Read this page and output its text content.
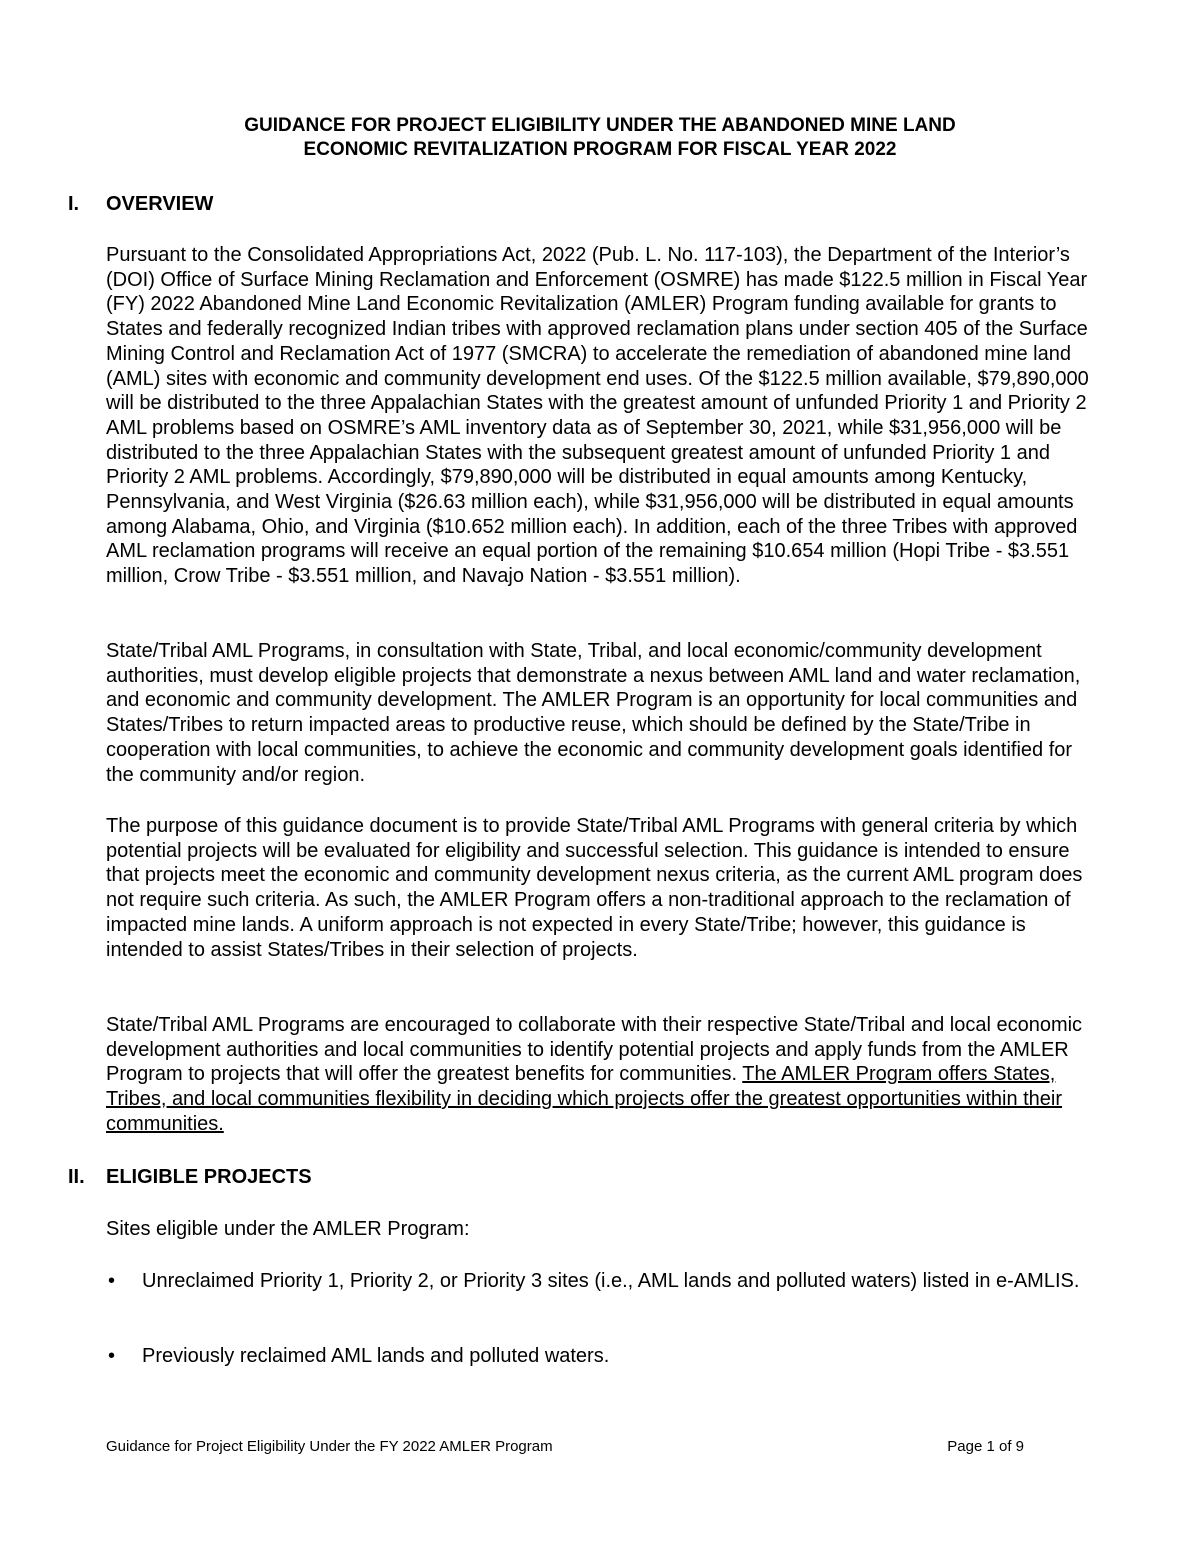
GUIDANCE FOR PROJECT ELIGIBILITY UNDER THE ABANDONED MINE LAND
ECONOMIC REVITALIZATION PROGRAM FOR FISCAL YEAR 2022
I. OVERVIEW

Pursuant to the Consolidated Appropriations Act, 2022 (Pub. L. No. 117-103), the Department of the Interior’s (DOI) Office of Surface Mining Reclamation and Enforcement (OSMRE) has made $122.5 million in Fiscal Year (FY) 2022 Abandoned Mine Land Economic Revitalization (AMLER) Program funding available for grants to States and federally recognized Indian tribes with approved reclamation plans under section 405 of the Surface Mining Control and Reclamation Act of 1977 (SMCRA) to accelerate the remediation of abandoned mine land (AML) sites with economic and community development end uses. Of the $122.5 million available, $79,890,000 will be distributed to the three Appalachian States with the greatest amount of unfunded Priority 1 and Priority 2 AML problems based on OSMRE’s AML inventory data as of September 30, 2021, while $31,956,000 will be distributed to the three Appalachian States with the subsequent greatest amount of unfunded Priority 1 and Priority 2 AML problems. Accordingly, $79,890,000 will be distributed in equal amounts among Kentucky, Pennsylvania, and West Virginia ($26.63 million each), while $31,956,000 will be distributed in equal amounts among Alabama, Ohio, and Virginia ($10.652 million each). In addition, each of the three Tribes with approved AML reclamation programs will receive an equal portion of the remaining $10.654 million (Hopi Tribe - $3.551 million, Crow Tribe - $3.551 million, and Navajo Nation - $3.551 million).

State/Tribal AML Programs, in consultation with State, Tribal, and local economic/community development authorities, must develop eligible projects that demonstrate a nexus between AML land and water reclamation, and economic and community development. The AMLER Program is an opportunity for local communities and States/Tribes to return impacted areas to productive reuse, which should be defined by the State/Tribe in cooperation with local communities, to achieve the economic and community development goals identified for the community and/or region.

The purpose of this guidance document is to provide State/Tribal AML Programs with general criteria by which potential projects will be evaluated for eligibility and successful selection. This guidance is intended to ensure that projects meet the economic and community development nexus criteria, as the current AML program does not require such criteria. As such, the AMLER Program offers a non-traditional approach to the reclamation of impacted mine lands. A uniform approach is not expected in every State/Tribe; however, this guidance is intended to assist States/Tribes in their selection of projects.

State/Tribal AML Programs are encouraged to collaborate with their respective State/Tribal and local economic development authorities and local communities to identify potential projects and apply funds from the AMLER Program to projects that will offer the greatest benefits for communities. The AMLER Program offers States, Tribes, and local communities flexibility in deciding which projects offer the greatest opportunities within their communities.

II. ELIGIBLE PROJECTS

Sites eligible under the AMLER Program:

• Unreclaimed Priority 1, Priority 2, or Priority 3 sites (i.e., AML lands and polluted waters) listed in e-AMLIS.
• Previously reclaimed AML lands and polluted waters.

Guidance for Project Eligibility Under the FY 2022 AMLER Program	Page 1 of 9
